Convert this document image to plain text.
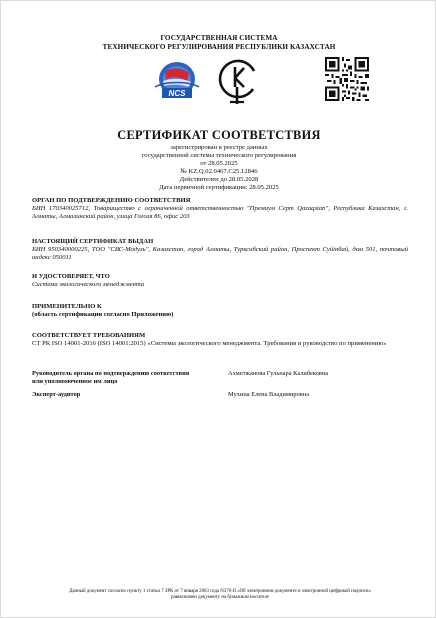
ГОСУДАРСТВЕННАЯ СИСТЕМА
ТЕХНИЧЕСКОГО РЕГУЛИРОВАНИЯ РЕСПУБЛИКИ КАЗАХСТАН
NCS
СЕРТИФИКАТ СООТВЕТСТВИЯ
зарегистрирован в реестре данных
государственной системы технического регулирования
от 28.05.2025
№ KZ.Q.02.0467.C25.12846
Действителен до 28.05.2028
Дата первичной сертификации: 28.05.2025
ОРГАН ПО ПОДТВЕРЖДЕНИЮ СООТВЕТСТВИЯ
БИН 170340025712, Товарищество с ограниченной ответственностью "Премиум Серт Qazaqstan", Республика Казахстан, г. Алматы, Алмалинский район, улица Гоголя 86, офис 203
НАСТОЯЩИЙ СЕРТИФИКАТ ВЫДАН
БИН 950340000225, ТОО "СВС-Модуль", Казахстан, город Алматы, Турксибский район, Проспект Суйінбай, дом 501, почтовый индекс 050011
И УДОСТОВЕРЯЕТ, ЧТО
Система экологического менеджмента
ПРИМЕНИТЕЛЬНО К
(область сертификации согласно Приложению)
СООТВЕТСТВУЕТ ТРЕБОВАНИЯМ
СТ РК ISO 14001-2016 (ISO 14001:2015) «Системы экологического менеджмента. Требования и руководство по применению»
Руководитель органа по подтверждению соответствия или уполномоченное им лицо
Ахметжанова Гульнара Калибековна
Эксперт-аудитор	Мухина Елена Владимировна
Данный документ согласно пункту 1 статьи 7 ЗРК от 7 января 2003 года N370-II «Об электронном документе и электронной цифровой подписи»
равнозначен документу на бумажном носителе
